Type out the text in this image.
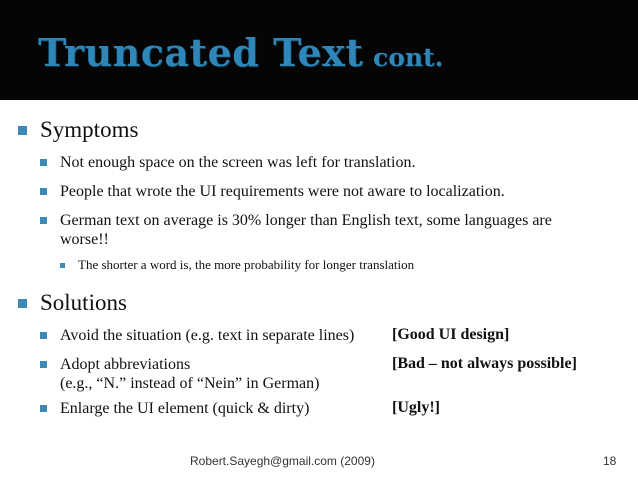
Truncated Text cont.
Symptoms
Not enough space on the screen was left for translation.
People that wrote the UI requirements were not aware to localization.
German text on average is 30% longer than English text, some languages are worse!!
The shorter a word is, the more probability for longer translation
Solutions
Avoid the situation (e.g. text in separate lines) [Good UI design]
Adopt abbreviations
(e.g., “N.” instead of “Nein” in German)
[Bad – not always possible]
Enlarge the UI element (quick & dirty)	[Ugly!]
Robert.Sayegh@gmail.com (2009)	18
